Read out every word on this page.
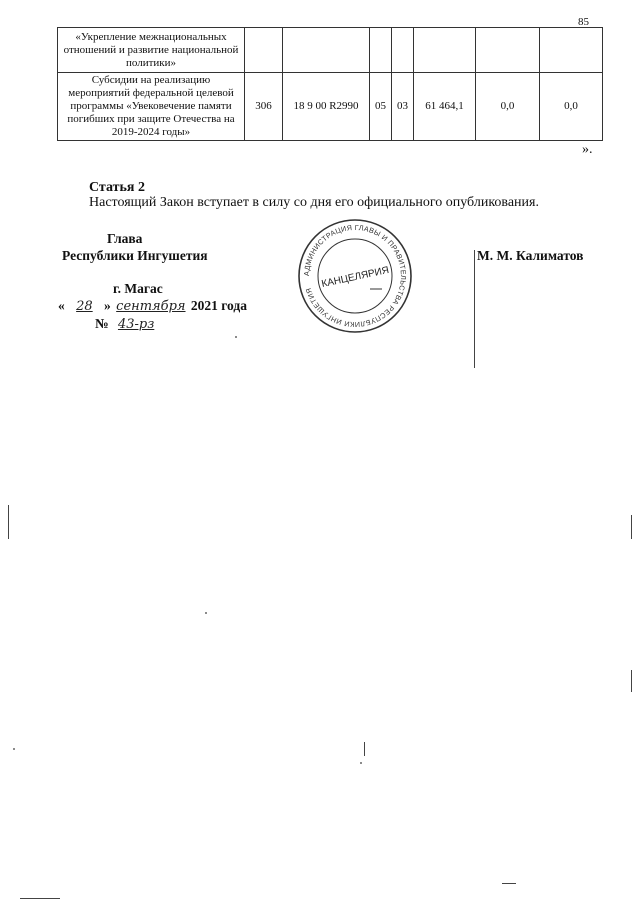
85
«Укрепление межнациональных отношений и развитие национальной политики»							
Субсидии на реализацию мероприятий федеральной целевой программы «Увековечение памяти погибших при защите Отечества на 2019-2024 годы»	306	18 9 00 R2990	05	03	61 464,1	0,0	0,0
».
Статья 2
Настоящий Закон вступает в силу со дня его официального опубликования.
Глава
Республики Ингушетия	М. М. Калиматов
г. Магас
« 28 » сентября 2021 года
№ 43-рз
АДМИНИСТРАЦИЯ ГЛАВЫ И ПРАВИТЕЛЬСТВА РЕСПУБЛИКИ ИНГУШЕТИЯ
КАНЦЕЛЯРИЯ
